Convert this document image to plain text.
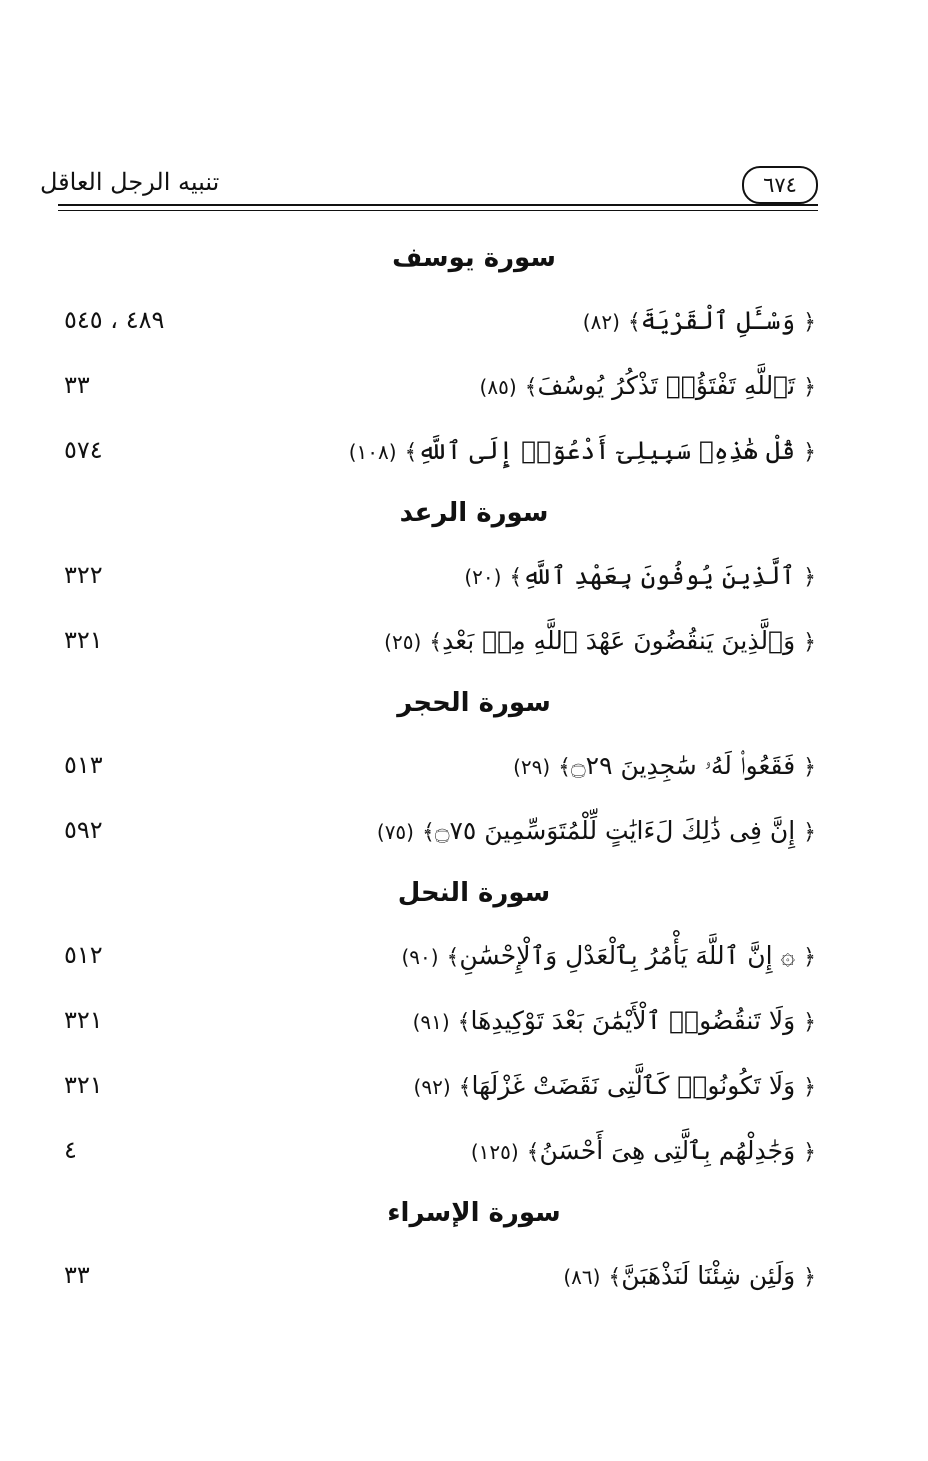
٦٧٤
تنبيه الرجل العاقل
سورة يوسف
﴿ وَسْـَٔلِ ٱلْقَرْيَةَ﴾ (٨٢)
٤٨٩ ، ٥٤٥
﴿ تَٱللَّهِ تَفْتَؤُا۟ تَذْكُرُ يُوسُفَ﴾ (٨٥)
٣٣
﴿ قُلْ هَٰذِهِۦ سَبِيلِىٓ أَدْعُوٓا۟ إِلَى ٱللَّهِ﴾ (١٠٨)
٥٧٤
سورة الرعد
﴿ ٱلَّذِينَ يُوفُونَ بِعَهْدِ ٱللَّهِ﴾ (٢٠)
٣٢٢
﴿ وَٱلَّذِينَ يَنقُضُونَ عَهْدَ ٱللَّهِ مِنۢ بَعْدِ﴾ (٢٥)
٣٢١
سورة الحجر
﴿ فَقَعُوا۟ لَهُۥ سَٰجِدِينَ ۝٢٩﴾ (٢٩)
٥١٣
﴿ إِنَّ فِى ذَٰلِكَ لَءَايَٰتٍ لِّلْمُتَوَسِّمِينَ ۝٧٥﴾ (٧٥)
٥٩٢
سورة النحل
﴿ ۞ إِنَّ ٱللَّهَ يَأْمُرُ بِٱلْعَدْلِ وَٱلْإِحْسَٰنِ﴾ (٩٠)
٥١٢
﴿ وَلَا تَنقُضُوا۟ ٱلْأَيْمَٰنَ بَعْدَ تَوْكِيدِهَا﴾ (٩١)
٣٢١
﴿ وَلَا تَكُونُوا۟ كَٱلَّتِى نَقَضَتْ غَزْلَهَا﴾ (٩٢)
٣٢١
﴿ وَجَٰدِلْهُم بِٱلَّتِى هِىَ أَحْسَنُ﴾ (١٢٥)
٤
سورة الإسراء
﴿ وَلَئِن شِئْنَا لَنَذْهَبَنَّ﴾ (٨٦)
٣٣
